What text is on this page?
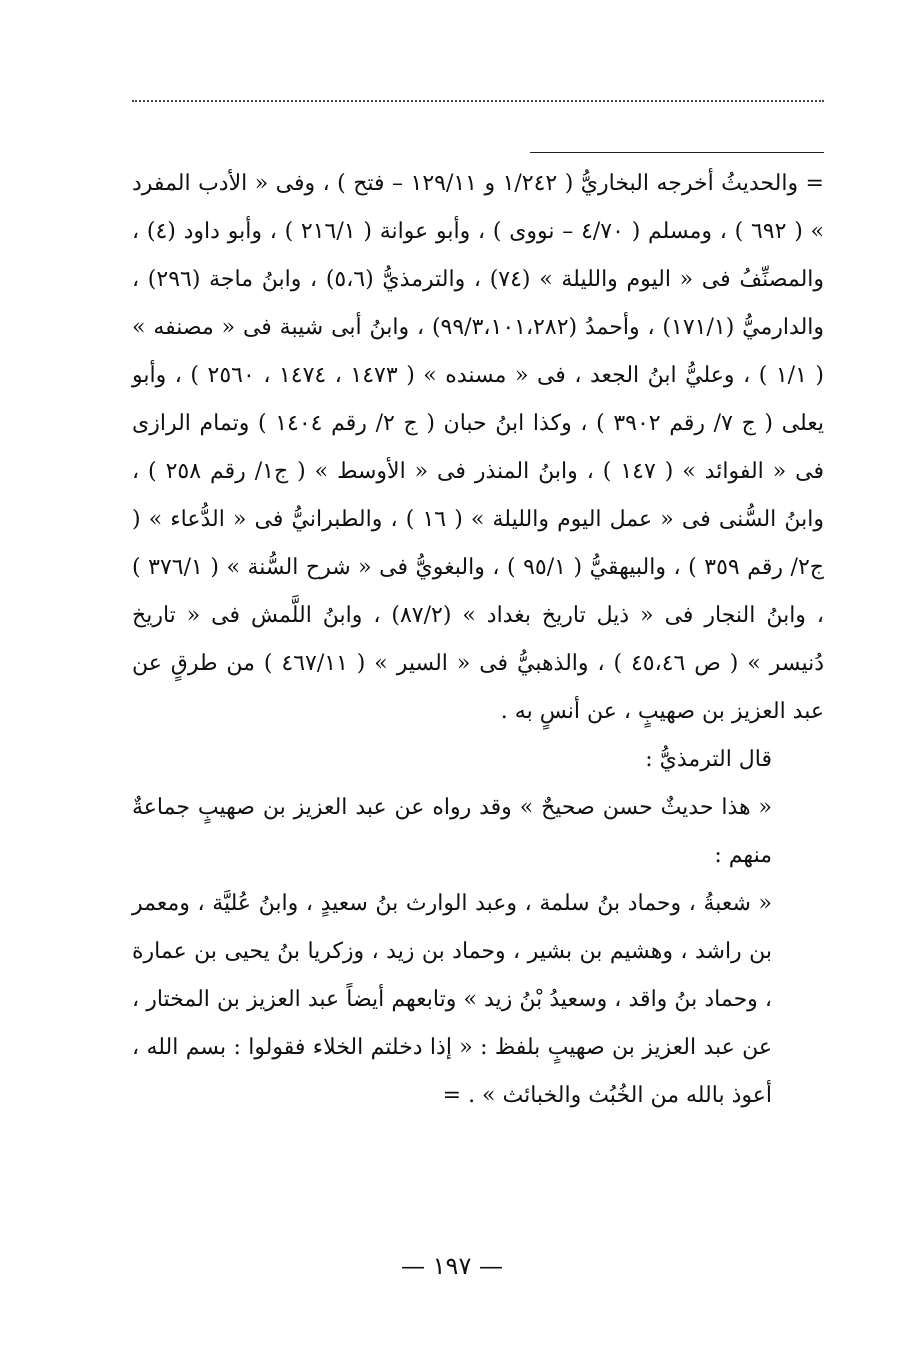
= والحديثُ أخرجه البخاريُّ ( ١/٢٤٢ و ١٢٩/١١ – فتح ) ، وفى « الأدب المفرد » ( ٦٩٢ ) ، ومسلم ( ٤/٧٠ – نووى ) ، وأبو عوانة ( ٢١٦/١ ) ، وأبو داود (٤) ، والمصنِّفُ فى « اليوم والليلة » (٧٤) ، والترمذيُّ (٥،٦) ، وابنُ ماجة (٢٩٦) ، والدارميُّ (١٧١/١) ، وأحمدُ (٩٩/٣،١٠١،٢٨٢) ، وابنُ أبى شيبة فى « مصنفه » ( ١/١ ) ، وعليُّ ابنُ الجعد ، فى « مسنده » ( ١٤٧٣ ، ١٤٧٤ ، ٢٥٦٠ ) ، وأبو يعلى ( ج ٧/ رقم ٣٩٠٢ ) ، وكذا ابنُ حبان ( ج ٢/ رقم ١٤٠٤ ) وتمام الرازى فى « الفوائد » ( ١٤٧ ) ، وابنُ المنذر فى « الأوسط » ( ج١/ رقم ٢٥٨ ) ، وابنُ السُّنى فى « عمل اليوم والليلة » ( ١٦ ) ، والطبرانيُّ فى « الدُّعاء » ( ج٢/ رقم ٣٥٩ ) ، والبيهقيُّ ( ٩٥/١ ) ، والبغويُّ فى « شرح السُّنة » ( ٣٧٦/١ ) ، وابنُ النجار فى « ذيل تاريخ بغداد » (٨٧/٢) ، وابنُ اللَّمش فى « تاريخ دُنيسر » ( ص ٤٥،٤٦ ) ، والذهبيُّ فى « السير » ( ٤٦٧/١١ ) من طرقٍ عن عبد العزيز بن صهيبٍ ، عن أنسٍ به .

قال الترمذيُّ :

« هذا حديثٌ حسن صحيحٌ » وقد رواه عن عبد العزيز بن صهيبٍ جماعةٌ منهم :

« شعبةُ ، وحماد بنُ سلمة ، وعبد الوارث بنُ سعيدٍ ، وابنُ عُليَّة ، ومعمر بن راشد ، وهشيم بن بشير ، وحماد بن زيد ، وزكريا بنُ يحيى بن عمارة ، وحماد بنُ واقد ، وسعيدُ بْنُ زيد » وتابعهم أيضاً عبد العزيز بن المختار ، عن عبد العزيز بن صهيبٍ بلفظ : « إذا دخلتم الخلاء فقولوا : بسم الله ، أعوذ بالله من الخُبُث والخبائث » . =

— ١٩٧ —
